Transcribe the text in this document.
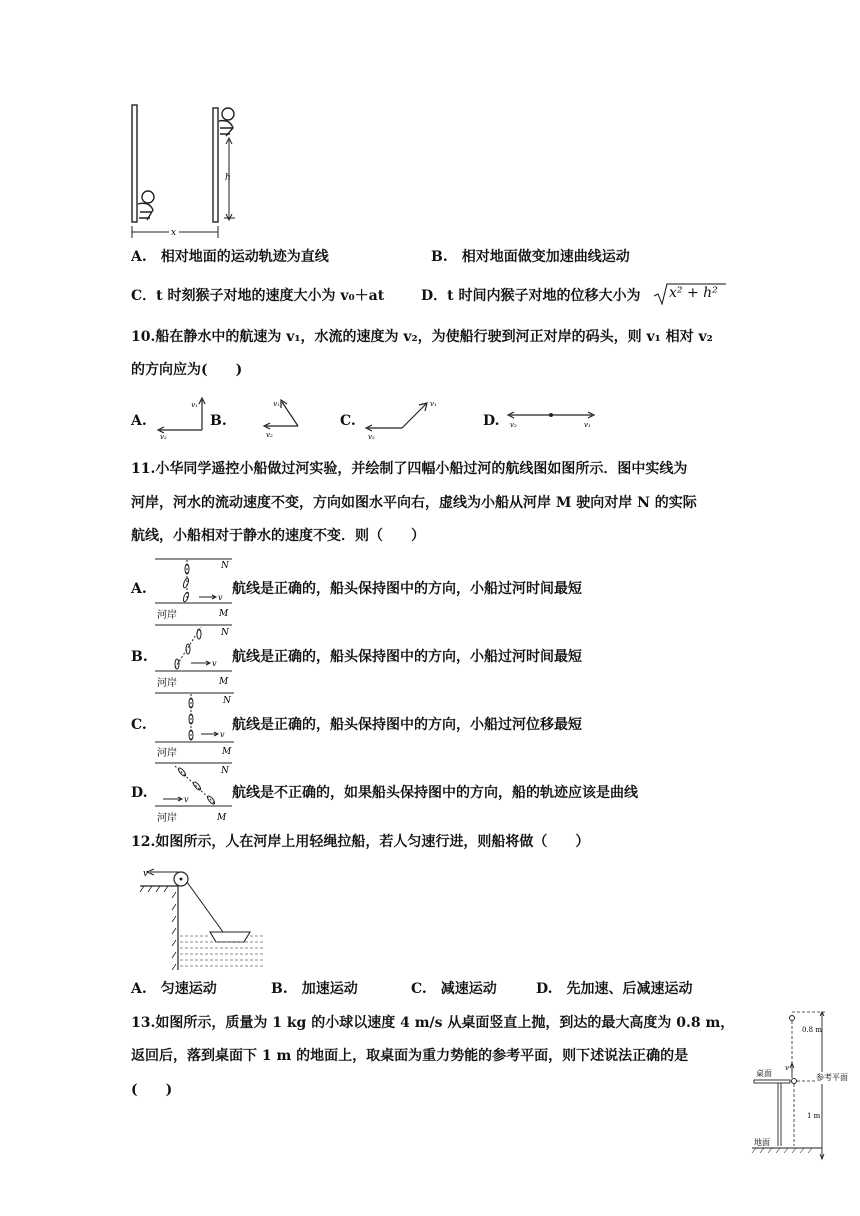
h
x
A.　相对地面的运动轨迹为直线	B.　相对地面做变加速曲线运动
C．t 时刻猴子对地的速度大小为 v₀＋at	D．t 时间内猴子对地的位移大小为 x² + h²
10.船在静水中的航速为 v₁，水流的速度为 v₂，为使船行驶到河正对岸的码头，则 v₁ 相对 v₂
的方向应为(　　)
A.
v₁
v₂
B.
v₁
v₂
C.
v₁
v₂
D. v₂	v₁
11.小华同学遥控小船做过河实验，并绘制了四幅小船过河的航线图如图所示．图中实线为
河岸，河水的流动速度不变，方向如图水平向右，虚线为小船从河岸 M 驶向对岸 N 的实际
航线，小船相对于静水的速度不变．则（　　）
A.
v
N
河岸	M
航线是正确的，船头保持图中的方向，小船过河时间最短
B.	v
N
河岸	M
航线是正确的，船头保持图中的方向，小船过河时间最短
C.
v
N
河岸	M
航线是正确的，船头保持图中的方向，小船过河位移最短
D.	v
N
河岸	M
航线是不正确的，如果船头保持图中的方向，船的轨迹应该是曲线
12.如图所示，人在河岸上用轻绳拉船，若人匀速行进，则船将做（　　）
v
A.　匀速运动	B.　加速运动	C.　减速运动	D.　先加速、后减速运动
13.如图所示，质量为 1 kg 的小球以速度 4 m/s 从桌面竖直上抛，到达的最大高度为 0.8 m，
返回后，落到桌面下 1 m 的地面上，取桌面为重力势能的参考平面，则下述说法正确的是
(　　)
0.8 m
v
桌面	参考平面
1 m
地面
